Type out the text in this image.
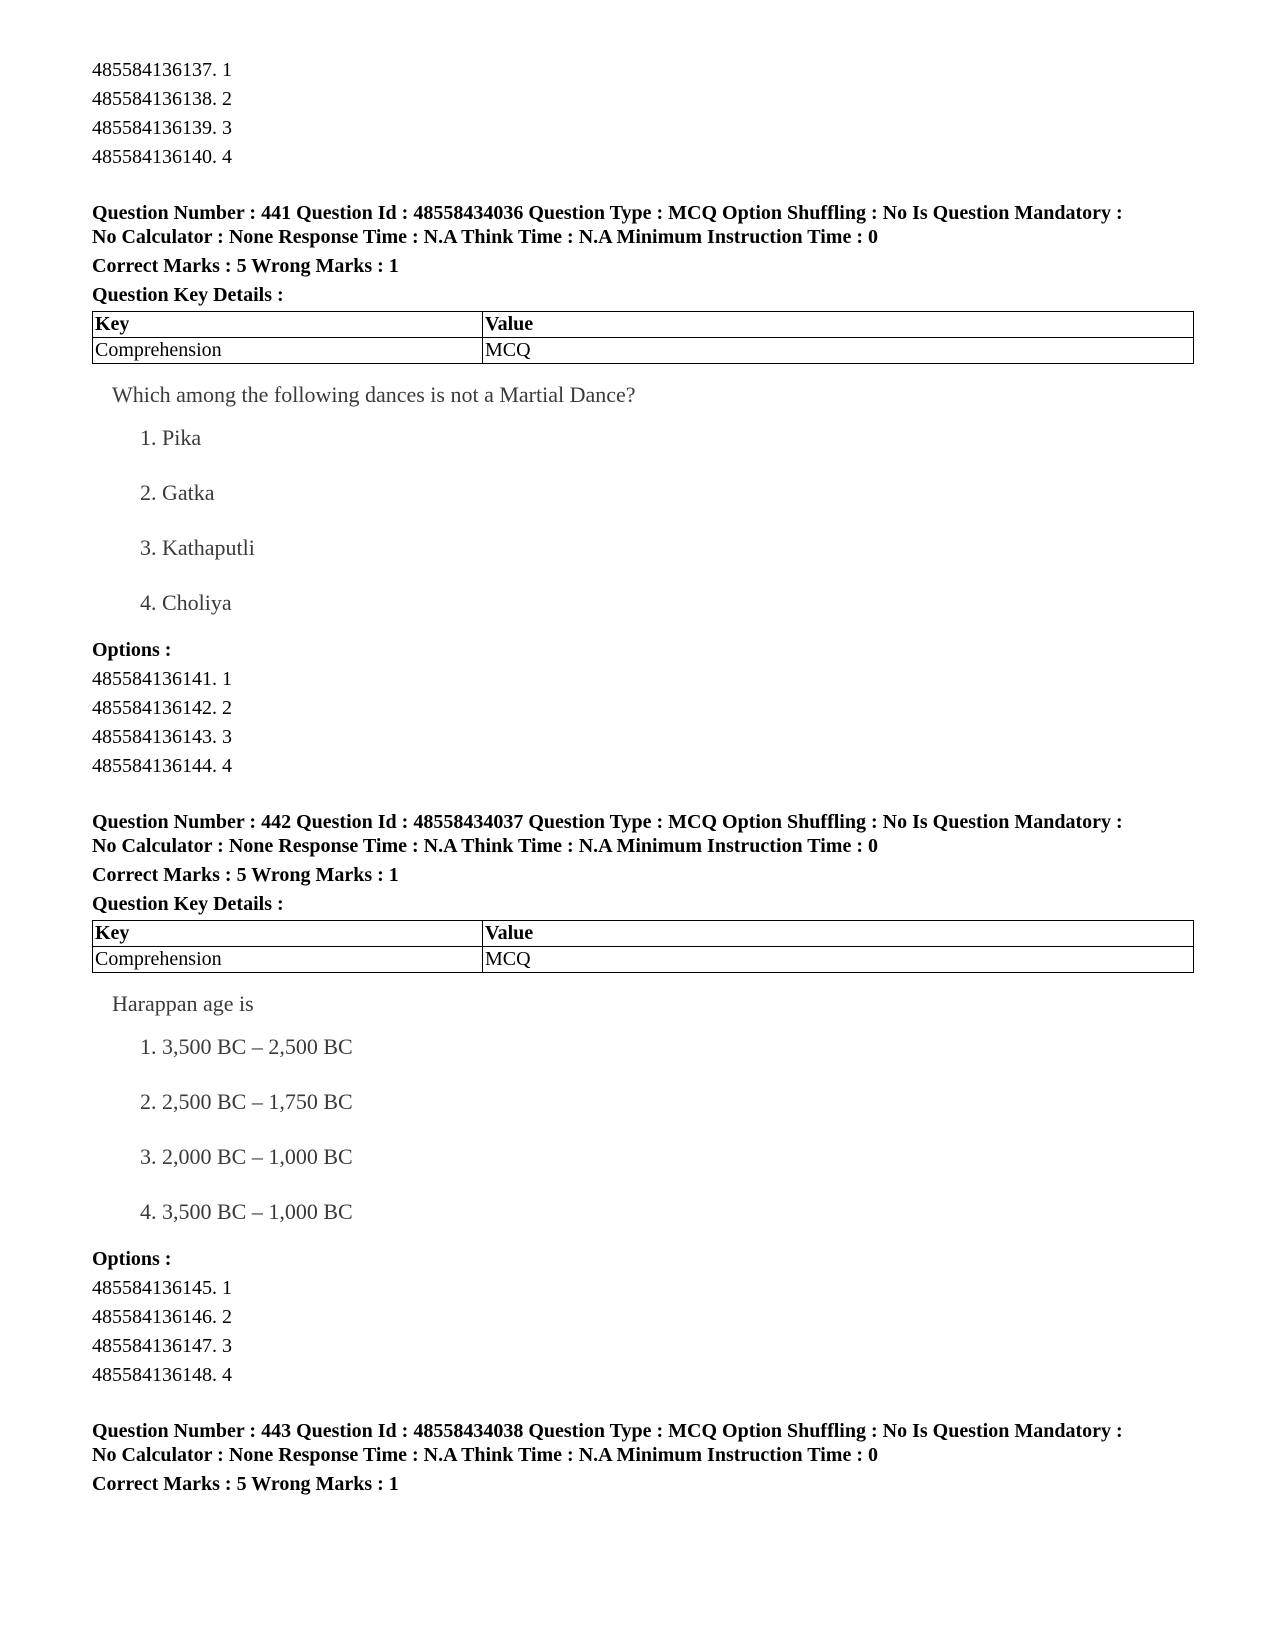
485584136137. 1
485584136138. 2
485584136139. 3
485584136140. 4
Question Number : 441 Question Id : 48558434036 Question Type : MCQ Option Shuffling : No Is Question Mandatory :
No Calculator : None Response Time : N.A Think Time : N.A Minimum Instruction Time : 0
Correct Marks : 5 Wrong Marks : 1
Question Key Details :
Key	Value
Comprehension	MCQ
Which among the following dances is not a Martial Dance?
1. Pika
2. Gatka
3. Kathaputli
4. Choliya
Options :
485584136141. 1
485584136142. 2
485584136143. 3
485584136144. 4
Question Number : 442 Question Id : 48558434037 Question Type : MCQ Option Shuffling : No Is Question Mandatory :
No Calculator : None Response Time : N.A Think Time : N.A Minimum Instruction Time : 0
Correct Marks : 5 Wrong Marks : 1
Question Key Details :
Key	Value
Comprehension	MCQ
Harappan age is
1. 3,500 BC – 2,500 BC
2. 2,500 BC – 1,750 BC
3. 2,000 BC – 1,000 BC
4. 3,500 BC – 1,000 BC
Options :
485584136145. 1
485584136146. 2
485584136147. 3
485584136148. 4
Question Number : 443 Question Id : 48558434038 Question Type : MCQ Option Shuffling : No Is Question Mandatory :
No Calculator : None Response Time : N.A Think Time : N.A Minimum Instruction Time : 0
Correct Marks : 5 Wrong Marks : 1
